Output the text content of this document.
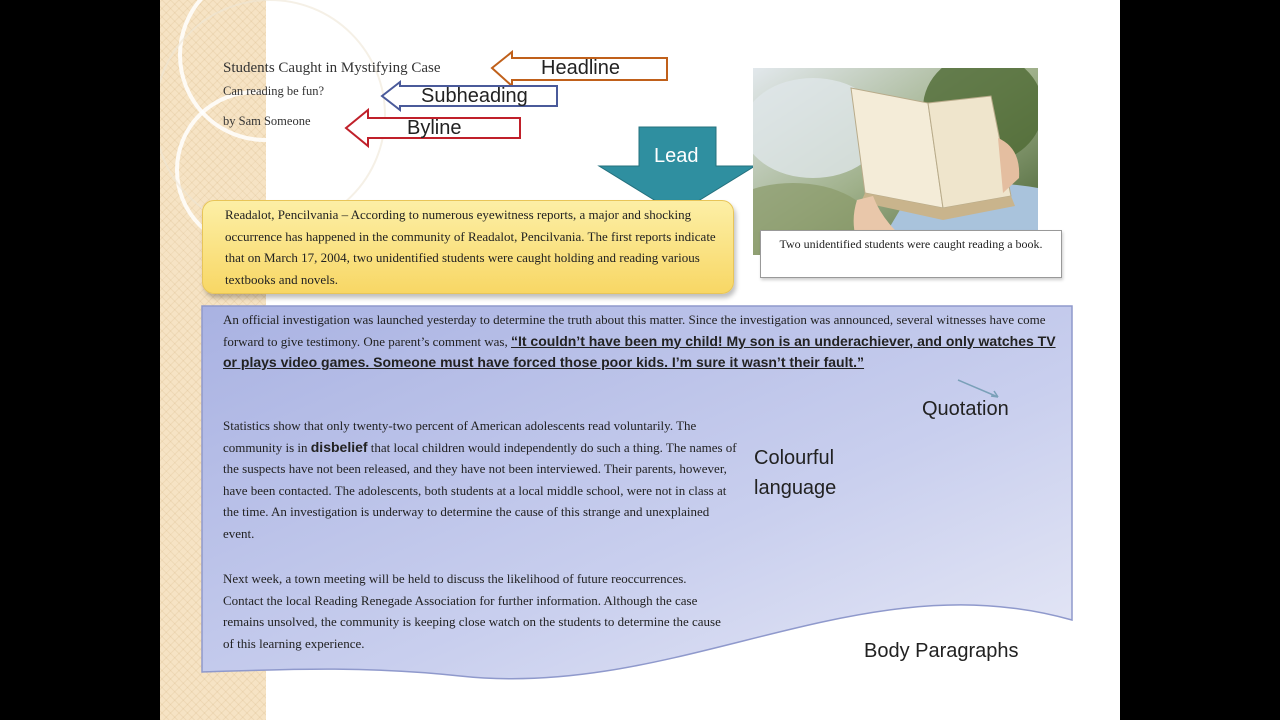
Students Caught in Mystifying Case
Can reading be fun?
by Sam Someone
Headline
Subheading
Byline
Lead
Readalot, Pencilvania – According to numerous eyewitness reports, a major and shocking occurrence has happened in the community of Readalot, Pencilvania. The first reports indicate that on March 17, 2004, two unidentified students were caught holding and reading various textbooks and novels.
Two unidentified students were caught reading a book.
An official investigation was launched yesterday to determine the truth about this matter. Since the investigation was announced, several witnesses have come forward to give testimony. One parent’s comment was, “It couldn’t have been my child! My son is an underachiever, and only watches TV or plays video games. Someone must have forced those poor kids. I’m sure it wasn’t their fault.”
Statistics show that only twenty-two percent of American adolescents read voluntarily. The community is in disbelief that local children would independently do such a thing. The names of the suspects have not been released, and they have not been interviewed. Their parents, however, have been contacted. The adolescents, both students at a local middle school, were not in class at the time. An investigation is underway to determine the cause of this strange and unexplained event.
Next week, a town meeting will be held to discuss the likelihood of future reoccurrences. Contact the local Reading Renegade Association for further information. Although the case remains unsolved, the community is keeping close watch on the students to determine the cause of this learning experience.
Quotation
Colourful language
Body Paragraphs
